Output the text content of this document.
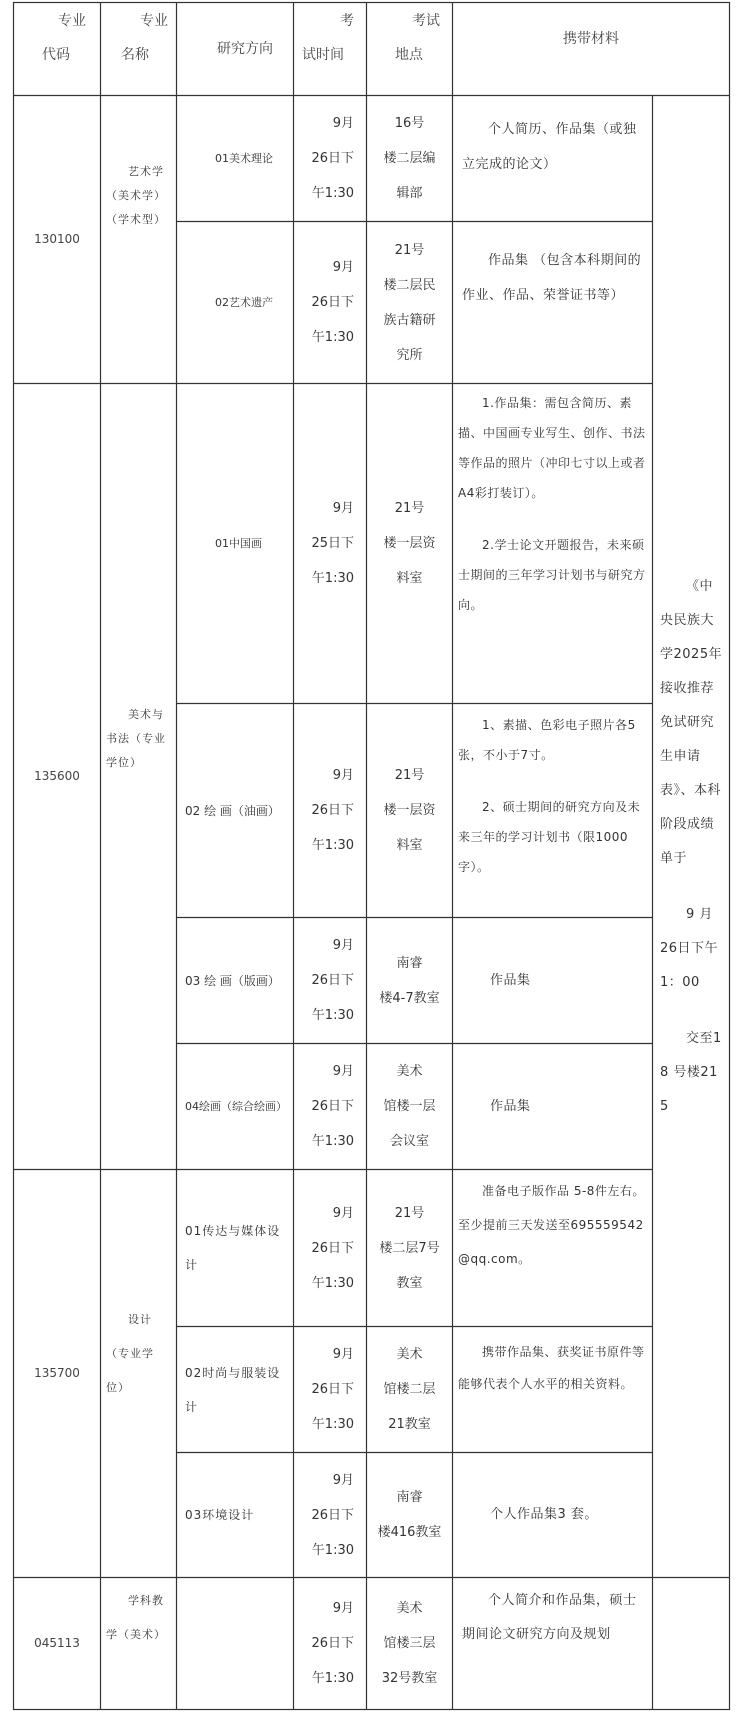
专业
代码
专业
名称	研究方向
考
试时间
考试
地点
携带材料
130100
艺术学（美术学）（学术型）
01美术理论
9月
26日下
午1:30
16号
楼二层编
辑部
个人简历、作品集（或独立完成的论文）
02艺术遗产
9月
26日下
午1:30
21号
楼二层民
族古籍研
究所
作品集 （包含本科期间的作业、作品、荣誉证书等）
135600
美术与书法（专业学位）
01中国画
9月
25日下
午1:30
21号
楼一层资
料室
1.作品集：需包含简历、素描、中国画专业写生、创作、书法等作品的照片（冲印七寸以上或者A4彩打装订）。
2.学士论文开题报告，未来硕士期间的三年学习计划书与研究方向。
02 绘 画（油画）
9月
26日下
午1:30
21号
楼一层资
料室
1、素描、色彩电子照片各5张，不小于7寸。
2、硕士期间的研究方向及未来三年的学习计划书（限1000字）。
03 绘 画（版画）
9月
26日下
午1:30
南睿
楼4-7教室
作品集
04绘画（综合绘画）
9月
26日下
午1:30
美术
馆楼一层
会议室
作品集
135700
设计（专业学位）
01传达与媒体设计
9月
26日下
午1:30
21号
楼二层7号
教室
准备电子版作品 5-8件左右。至少提前三天发送至695559542@qq.com。
02时尚与服装设计
9月
26日下
午1:30
美术
馆楼二层
21教室
携带作品集、获奖证书原件等能够代表个人水平的相关资料。
03环境设计
9月
26日下
午1:30
南睿
楼416教室
个人作品集3 套。
045113
学科教学（美术）
9月
26日下
午1:30
美术
馆楼三层
32号教室
个人简介和作品集，硕士期间论文研究方向及规划
《中央民族大学2025年接收推荐免试研究生申请表》、本科阶段成绩单于
9 月 26日下午1：00
交至18 号楼215
